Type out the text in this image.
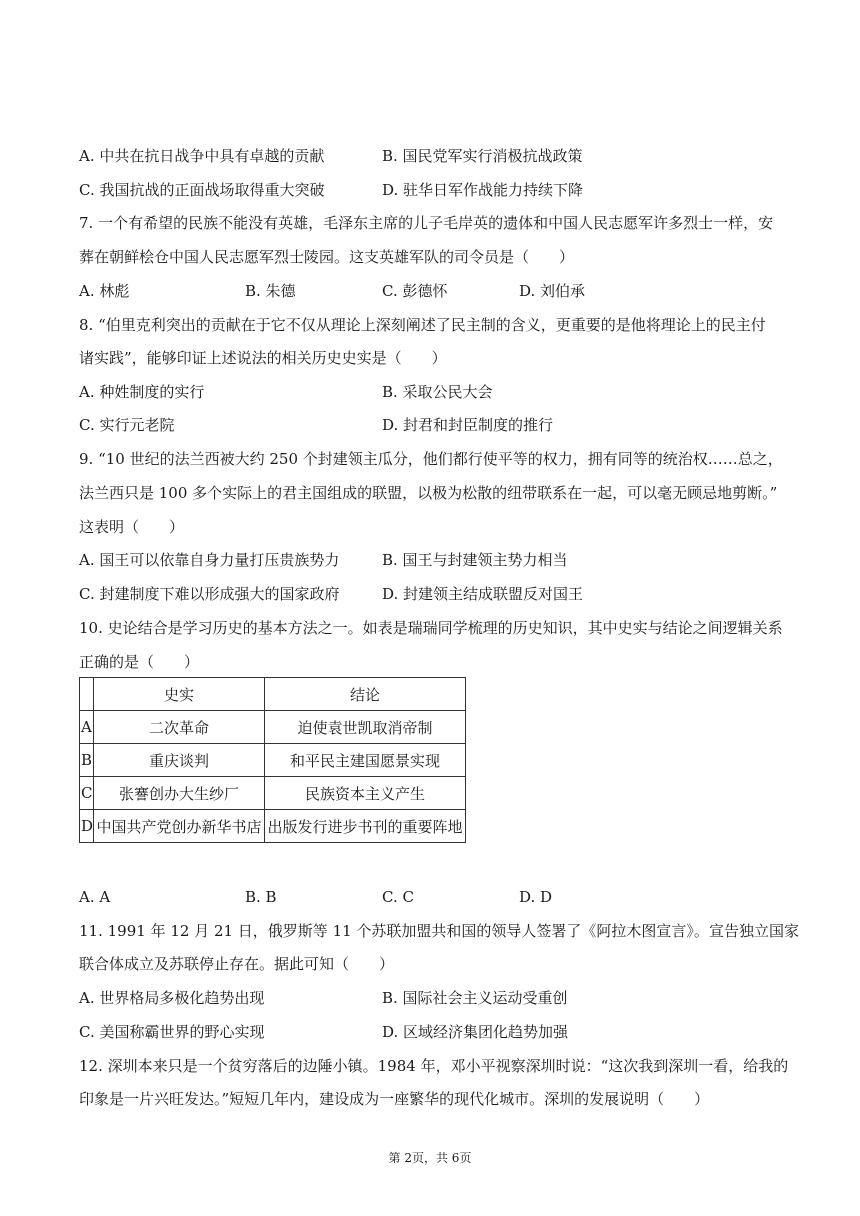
A. 中共在抗日战争中具有卓越的贡献	B. 国民党军实行消极抗战政策
C. 我国抗战的正面战场取得重大突破	D. 驻华日军作战能力持续下降
7. 一个有希望的民族不能没有英雄，毛泽东主席的儿子毛岸英的遗体和中国人民志愿军许多烈士一样，安
葬在朝鲜桧仓中国人民志愿军烈士陵园。这支英雄军队的司令员是（　　）
A. 林彪	B. 朱德	C. 彭德怀	D. 刘伯承
8. “伯里克利突出的贡献在于它不仅从理论上深刻阐述了民主制的含义，更重要的是他将理论上的民主付
诸实践”，能够印证上述说法的相关历史史实是（　　）
A. 种姓制度的实行	B. 采取公民大会
C. 实行元老院	D. 封君和封臣制度的推行
9. “10 世纪的法兰西被大约 250 个封建领主瓜分，他们都行使平等的权力，拥有同等的统治权……总之，
法兰西只是 100 多个实际上的君主国组成的联盟，以极为松散的纽带联系在一起，可以毫无顾忌地剪断。”
这表明（　　）
A. 国王可以依靠自身力量打压贵族势力	B. 国王与封建领主势力相当
C. 封建制度下难以形成强大的国家政府	D. 封建领主结成联盟反对国王
10. 史论结合是学习历史的基本方法之一。如表是瑞瑞同学梳理的历史知识，其中史实与结论之间逻辑关系
正确的是（　　）
	史实	结论
A	二次革命	迫使袁世凯取消帝制
B	重庆谈判	和平民主建国愿景实现
C	张謇创办大生纱厂	民族资本主义产生
D	中国共产党创办新华书店	出版发行进步书刊的重要阵地
A. A	B. B	C. C	D. D
11. 1991 年 12 月 21 日，俄罗斯等 11 个苏联加盟共和国的领导人签署了《阿拉木图宣言》。宣告独立国家
联合体成立及苏联停止存在。据此可知（　　）
A. 世界格局多极化趋势出现	B. 国际社会主义运动受重创
C. 美国称霸世界的野心实现	D. 区域经济集团化趋势加强
12. 深圳本来只是一个贫穷落后的边陲小镇。1984 年，邓小平视察深圳时说：“这次我到深圳一看，给我的
印象是一片兴旺发达。”短短几年内，建设成为一座繁华的现代化城市。深圳的发展说明（　　）
第 2页，共 6页
